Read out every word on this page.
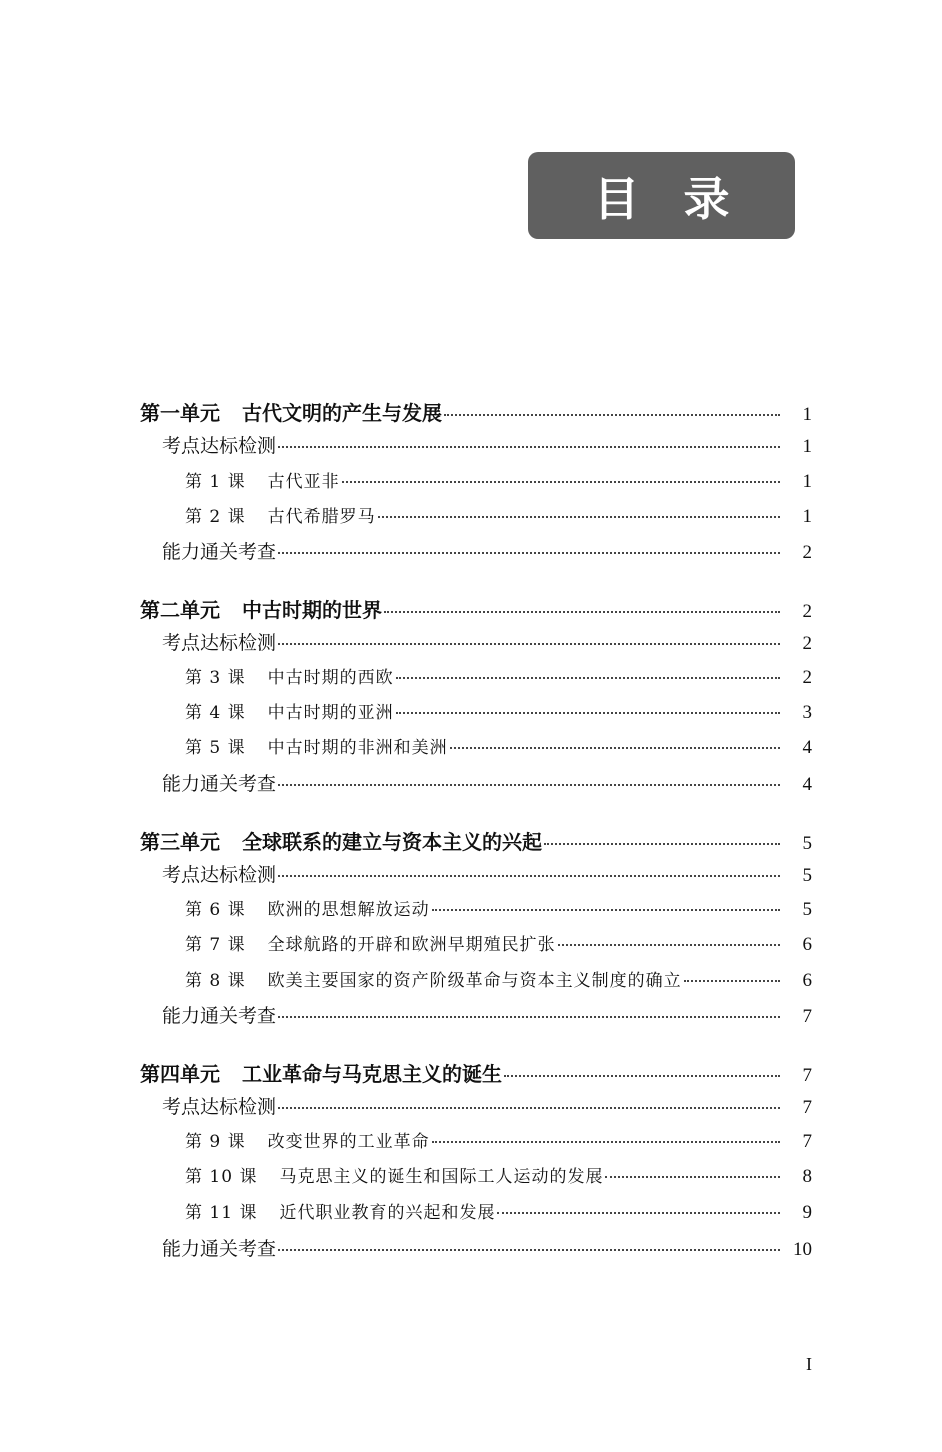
目录
第一单元 古代文明的产生与发展	1
考点达标检测	1
第 1 课 古代亚非	1
第 2 课 古代希腊罗马	1
能力通关考查	2
第二单元 中古时期的世界	2
考点达标检测	2
第 3 课 中古时期的西欧	2
第 4 课 中古时期的亚洲	3
第 5 课 中古时期的非洲和美洲	4
能力通关考查	4
第三单元 全球联系的建立与资本主义的兴起	5
考点达标检测	5
第 6 课 欧洲的思想解放运动	5
第 7 课 全球航路的开辟和欧洲早期殖民扩张	6
第 8 课 欧美主要国家的资产阶级革命与资本主义制度的确立	6
能力通关考查	7
第四单元 工业革命与马克思主义的诞生	7
考点达标检测	7
第 9 课 改变世界的工业革命	7
第 10 课 马克思主义的诞生和国际工人运动的发展	8
第 11 课 近代职业教育的兴起和发展	9
能力通关考查	10
I
